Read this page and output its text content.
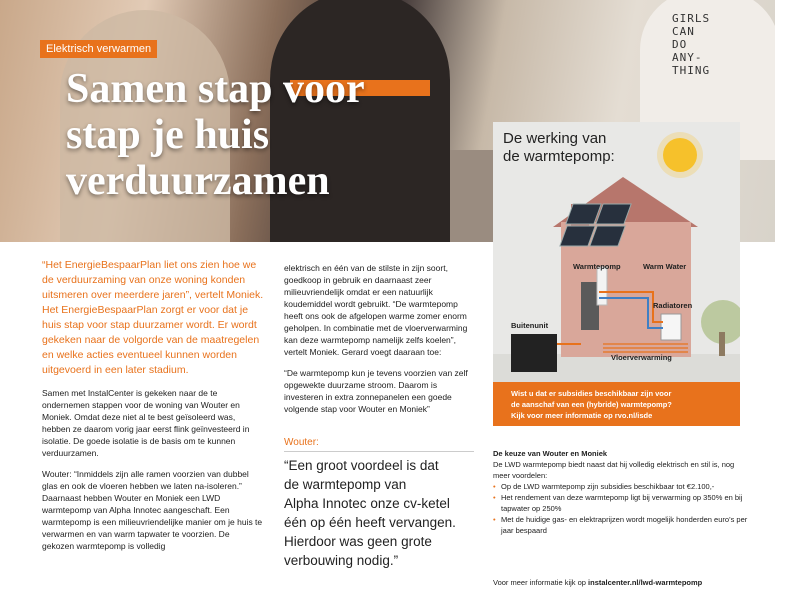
GIRLS
CAN
DO
ANY-
THING
Elektrisch verwarmen
Samen stap voor
stap je huis
verduurzamen

“Het EnergieBespaarPlan liet ons zien hoe we de verduurzaming van onze woning konden uitsmeren over meerdere jaren”, vertelt Moniek. Het EnergieBespaarPlan zorgt er voor dat je huis stap voor stap duurzamer wordt. Er wordt gekeken naar de volgorde van de maatregelen en welke acties eventueel kunnen worden uitgevoerd in een later stadium.

Samen met InstalCenter is gekeken naar de te ondernemen stappen voor de woning van Wouter en Moniek. Omdat deze niet al te best geïsoleerd was, hebben ze daarom vorig jaar eerst flink geïnvesteerd in isolatie. De goede isolatie is de basis om te kunnen verduurzamen.

Wouter: “Inmiddels zijn alle ramen voorzien van dubbel glas en ook de vloeren hebben we laten na-isoleren.” Daarnaast hebben Wouter en Moniek een LWD warmtepomp van Alpha Innotec aangeschaft. Een warmtepomp is een milieuvriendelijke manier om je huis te verwarmen en van warm tapwater te voorzien. De gekozen warmtepomp is volledig

elektrisch en één van de stilste in zijn soort, goedkoop in gebruik en daarnaast zeer milieuvriendelijk omdat er een natuurlijk koudemiddel wordt gebruikt. “De warmtepomp heeft ons ook de afgelopen warme zomer enorm geholpen. In combinatie met de vloerverwarming kan deze warmtepomp namelijk zelfs koelen”, vertelt Moniek. Gerard voegt daaraan toe:

“De warmtepomp kun je tevens voorzien van zelf opgewekte duurzame stroom. Daarom is investeren in extra zonnepanelen een goede volgende stap voor Wouter en Moniek”

Wouter:
“Een groot voordeel is dat
de warmtepomp van
Alpha Innotec onze cv-ketel
één op één heeft vervangen.
Hierdoor was geen grote
verbouwing nodig.”
De werking van
de warmtepomp:
Warmtepomp	Warm Water
Radiatoren
Buitenunit
Vloerverwarming
Wist u dat er subsidies beschikbaar zijn voor
de aanschaf van een (hybride) warmtepomp?
Kijk voor meer informatie op rvo.nl/isde
De keuze van Wouter en Moniek
De LWD warmtepomp biedt naast dat hij volledig elektrisch en stil is, nog meer voordelen:
• Op de LWD warmtepomp zijn subsidies beschikbaar tot €2.100,-
• Het rendement van deze warmtepomp ligt bij verwarming op 350% en bij tapwater op 250%
• Met de huidige gas- en elektraprijzen wordt mogelijk honderden euro’s per jaar bespaard
Voor meer informatie kijk op instalcenter.nl/lwd-warmtepomp
